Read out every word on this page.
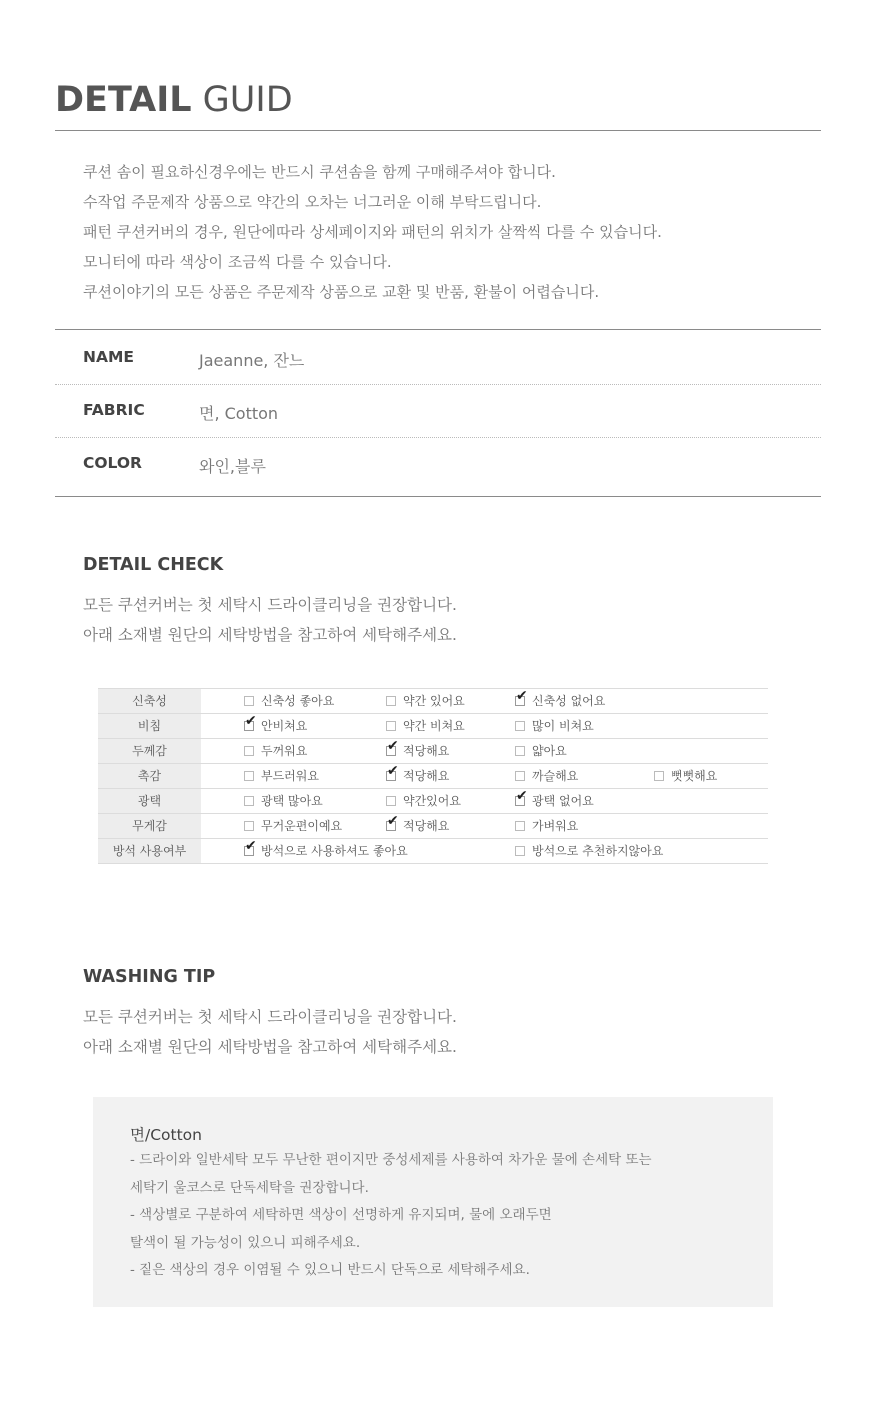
DETAIL GUID
쿠션 솜이 필요하신경우에는 반드시 쿠션솜을 함께 구매해주셔야 합니다.
수작업 주문제작 상품으로 약간의 오차는 너그러운 이해 부탁드립니다.
패턴 쿠션커버의 경우, 원단에따라 상세페이지와 패턴의 위치가 살짝씩 다를 수 있습니다.
모니터에 따라 색상이 조금씩 다를 수 있습니다.
쿠션이야기의 모든 상품은 주문제작 상품으로 교환 및 반품, 환불이 어렵습니다.
NAME	Jaeanne, 잔느
FABRIC	면, Cotton
COLOR	와인,블루
DETAIL CHECK
모든 쿠션커버는 첫 세탁시 드라이클리닝을 권장합니다.
아래 소재별 원단의 세탁방법을 참고하여 세탁해주세요.
신축성	신축성 좋아요	약간 있어요 ✔	신축성 없어요
비침 ✔	안비쳐요	약간 비쳐요	많이 비쳐요
두께감	두꺼워요 ✔	적당해요	얇아요
촉감	부드러워요 ✔	적당해요	까슬해요	뻣뻣해요
광택	광택 많아요	약간있어요 ✔	광택 없어요
무게감	무거운편이예요 ✔	적당해요	가벼워요
방석 사용여부 ✔	방석으로 사용하셔도 좋아요	방석으로 추천하지않아요
WASHING TIP
모든 쿠션커버는 첫 세탁시 드라이클리닝을 권장합니다.
아래 소재별 원단의 세탁방법을 참고하여 세탁해주세요.
면/Cotton
- 드라이와 일반세탁 모두 무난한 편이지만 중성세제를 사용하여 차가운 물에 손세탁 또는
세탁기 울코스로 단독세탁을 권장합니다.
- 색상별로 구분하여 세탁하면 색상이 선명하게 유지되며, 물에 오래두면
탈색이 될 가능성이 있으니 피해주세요.
- 짙은 색상의 경우 이염될 수 있으니 반드시 단독으로 세탁해주세요.
